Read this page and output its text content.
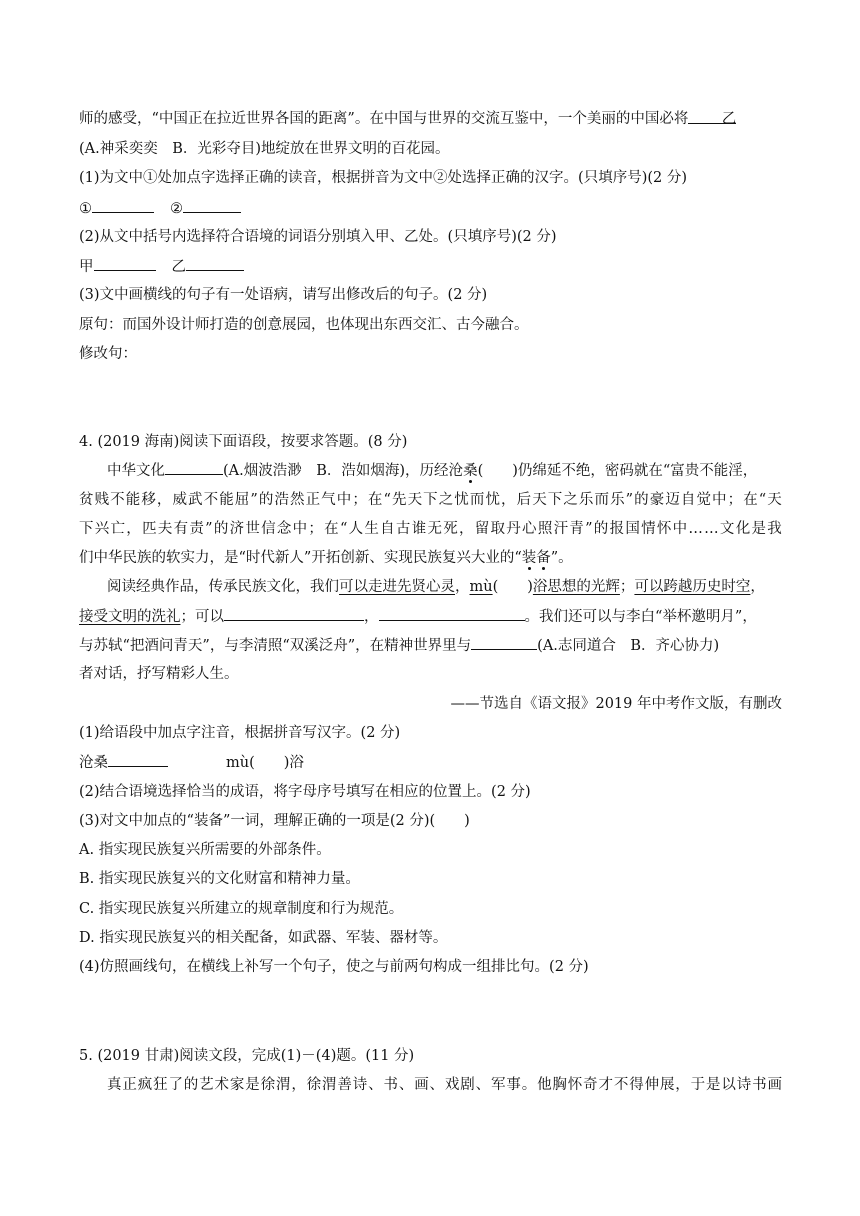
师的感受，“中国正在拉近世界各国的距离”。在中国与世界的交流互鉴中，一个美丽的中国必将 乙
(A.神采奕奕　B．光彩夺目)地绽放在世界文明的百花园。
(1)为文中①处加点字选择正确的读音，根据拼音为文中②处选择正确的汉字。(只填序号)(2 分)
①	②
(2)从文中括号内选择符合语境的词语分别填入甲、乙处。(只填序号)(2 分)
甲	乙
(3)文中画横线的句子有一处语病，请写出修改后的句子。(2 分)
原句：而国外设计师打造的创意展园，也体现出东西交汇、古今融合。
修改句：
4. (2019 海南)阅读下面语段，按要求答题。(8 分)
中华文化	(A.烟波浩渺　B．浩如烟海)，历经沧桑(　　)仍绵延不绝，密码就在“富贵不能淫，
贫 贱 不 能 移 ， 威 武 不 能 屈 ” 的 浩 然 正 气 中 ； 在 “ 先 天 下 之 忧 而 忧 ， 后 天 下 之 乐 而 乐 ” 的 豪 迈 自 觉 中 ； 在 “ 天
下 兴 亡 ， 匹 夫 有 责 ” 的 济 世 信 念 中 ； 在 “ 人 生 自 古 谁 无 死 ， 留 取 丹 心 照 汗 青 ” 的 报 国 情 怀 中 … … 文 化 是 我
们中华民族的软实力，是“时代新人”开拓创新、实现民族复兴大业的“装备”。
阅读经典作品，传承民族文化，我们可以走进先贤心灵，mù(　　)浴思想的光辉；可以跨越历史时空，
接受文明的洗礼；可以	，	。我们还可以与李白“举杯邀明月”，
与苏轼“把酒问青天”，与李清照“双溪泛舟”，在精神世界里与	(A.志同道合　B．齐心协力)
者对话，抒写精彩人生。
——节选自《语文报》2019 年中考作文版，有删改
(1)给语段中加点字注音，根据拼音写汉字。(2 分)
沧桑	mù(　　)浴
(2)结合语境选择恰当的成语，将字母序号填写在相应的位置上。(2 分)
(3)对文中加点的“装备”一词，理解正确的一项是(2 分)(　　)
A. 指实现民族复兴所需要的外部条件。
B. 指实现民族复兴的文化财富和精神力量。
C. 指实现民族复兴所建立的规章制度和行为规范。
D. 指实现民族复兴的相关配备，如武器、军装、器材等。
(4)仿照画线句，在横线上补写一个句子，使之与前两句构成一组排比句。(2 分)
5. (2019 甘肃)阅读文段，完成(1)－(4)题。(11 分)
真 正 疯 狂 了 的 艺 术 家 是 徐 渭 ， 徐 渭 善 诗 、 书 、 画 、 戏 剧 、 军 事 。 他 胸 怀 奇 才 不 得 伸 展 ， 于 是 以 诗 书 画
